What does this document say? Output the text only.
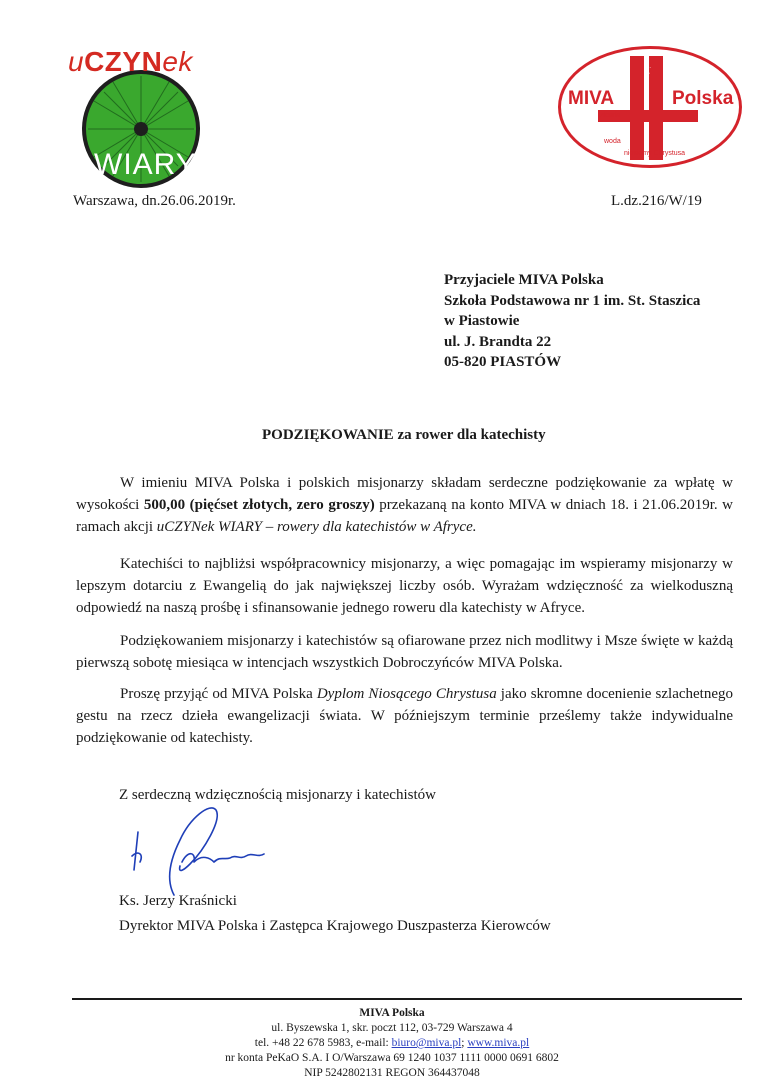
uCZYNek
WIARY
MIVA	Polska
ziemia
woda
niesiemy Chrystusa
powietrze
Warszawa, dn.26.06.2019r.	L.dz.216/W/19
Przyjaciele MIVA Polska
Szkoła Podstawowa nr 1 im. St. Staszica
w Piastowie
ul. J. Brandta 22
05-820 PIASTÓW
PODZIĘKOWANIE za rower dla katechisty

W imieniu MIVA Polska i polskich misjonarzy składam serdeczne podziękowanie za wpłatę w wysokości 500,00 (pięćset złotych, zero groszy) przekazaną na konto MIVA w dniach 18. i 21.06.2019r. w ramach akcji uCZYNek WIARY – rowery dla katechistów w Afryce.

Katechiści to najbliżsi współpracownicy misjonarzy, a więc pomagając im wspieramy misjonarzy w lepszym dotarciu z Ewangelią do jak największej liczby osób. Wyrażam wdzięczność za wielkoduszną odpowiedź na naszą prośbę i sfinansowanie jednego roweru dla katechisty w Afryce.

Podziękowaniem misjonarzy i katechistów są ofiarowane przez nich modlitwy i Msze święte w każdą pierwszą sobotę miesiąca w intencjach wszystkich Dobroczyńców MIVA Polska.

Proszę przyjąć od MIVA Polska Dyplom Niosącego Chrystusa jako skromne docenienie szlachetnego gestu na rzecz dzieła ewangelizacji świata. W późniejszym terminie prześlemy także indywidualne podziękowanie od katechisty.

Z serdeczną wdzięcznością misjonarzy i katechistów
Ks. Jerzy Kraśnicki
Dyrektor MIVA Polska i Zastępca Krajowego Duszpasterza Kierowców
MIVA Polska
ul. Byszewska 1, skr. poczt 112, 03-729 Warszawa 4
tel. +48 22 678 5983, e-mail: biuro@miva.pl; www.miva.pl
nr konta PeKaO S.A. I O/Warszawa 69 1240 1037 1111 0000 0691 6802
NIP 5242802131 REGON 364437048
